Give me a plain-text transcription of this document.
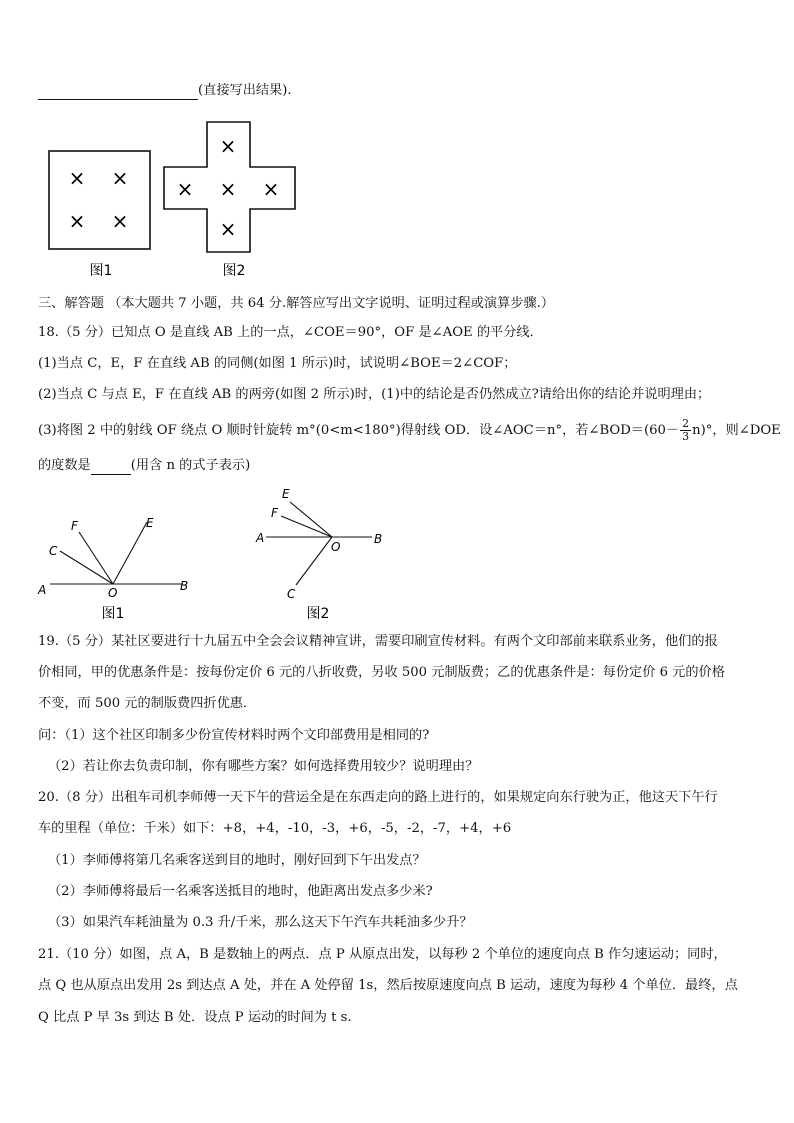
(直接写出结果).
× ×
× ×
图1
×
× × ×
×
图2
三、解答题 （本大题共 7 小题，共 64 分.解答应写出文字说明、证明过程或演算步骤.）
18.（5 分）已知点 O 是直线 AB 上的一点，∠COE＝90°，OF 是∠AOE 的平分线．
(1)当点 C，E，F 在直线 AB 的同侧(如图 1 所示)时，试说明∠BOE＝2∠COF；
(2)当点 C 与点 E，F 在直线 AB 的两旁(如图 2 所示)时，(1)中的结论是否仍然成立?请给出你的结论并说明理由；
(3)将图 2 中的射线 OF 绕点 O 顺时针旋转 m°(0<m<180°)得射线 OD．设∠AOC＝n°，若∠BOD＝(60－ $\frac{2}{3} n)^\circ$，则∠DOE
的度数是	(用含 n 的式子表示)
F	E
C
A	O	B
图1
E
F
A
O
B
C
图2
19.（5 分）某社区要进行十九届五中全会会议精神宣讲，需要印刷宣传材料。有两个文印部前来联系业务，他们的报
价相同，甲的优惠条件是：按每份定价 6 元的八折收费，另收 500 元制版费；乙的优惠条件是：每份定价 6 元的价格
不变，而 500 元的制版费四折优惠．
问：（1）这个社区印制多少份宣传材料时两个文印部费用是相同的?
（2）若让你去负责印制，你有哪些方案？如何选择费用较少？说明理由？
20.（8 分）出租车司机李师傅一天下午的营运全是在东西走向的路上进行的，如果规定向东行驶为正，他这天下午行
车的里程（单位：千米）如下：+8，+4，-10，-3，+6，-5，-2，-7，+4，+6
（1）李师傅将第几名乘客送到目的地时，刚好回到下午出发点？
（2）李师傅将最后一名乘客送抵目的地时，他距离出发点多少米?
（3）如果汽车耗油量为 0.3 升/千米，那么这天下午汽车共耗油多少升？
21.（10 分）如图，点 A，B 是数轴上的两点．点 P 从原点出发，以每秒 2 个单位的速度向点 B 作匀速运动；同时，
点 Q 也从原点出发用 2s 到达点 A 处，并在 A 处停留 1s，然后按原速度向点 B 运动，速度为每秒 4 个单位．最终，点
Q 比点 P 早 3s 到达 B 处．设点 P 运动的时间为 t s.
